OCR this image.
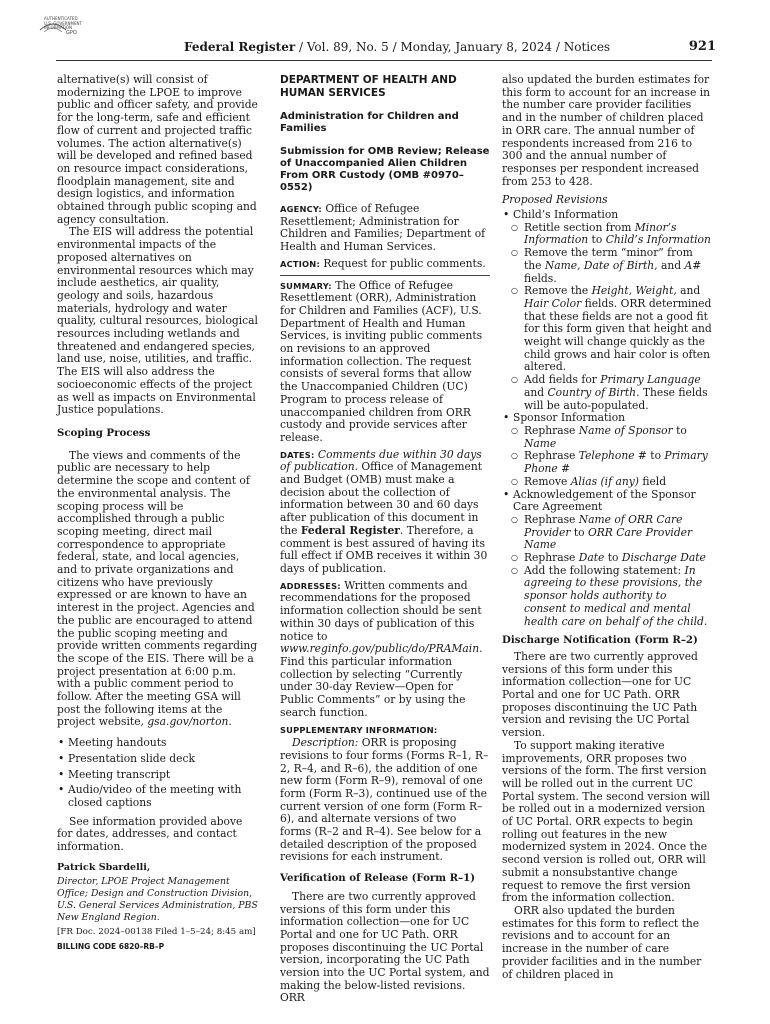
AUTHENTICATED
U.S. GOVERNMENT
INFORMATION
GPO
Federal Register / Vol. 89, No. 5 / Monday, January 8, 2024 / Notices	921

alternative(s) will consist of modernizing the LPOE to improve public and officer safety, and provide for the long-term, safe and efficient flow of current and projected traffic volumes. The action alternative(s) will be developed and refined based on resource impact considerations, floodplain management, site and design logistics, and information obtained through public scoping and agency consultation.

The EIS will address the potential environmental impacts of the proposed alternatives on environmental resources which may include aesthetics, air quality, geology and soils, hazardous materials, hydrology and water quality, cultural resources, biological resources including wetlands and threatened and endangered species, land use, noise, utilities, and traffic. The EIS will also address the socioeconomic effects of the project as well as impacts on Environmental Justice populations.

Scoping Process

The views and comments of the public are necessary to help determine the scope and content of the environmental analysis. The scoping process will be accomplished through a public scoping meeting, direct mail correspondence to appropriate federal, state, and local agencies, and to private organizations and citizens who have previously expressed or are known to have an interest in the project. Agencies and the public are encouraged to attend the public scoping meeting and provide written comments regarding the scope of the EIS. There will be a project presentation at 6:00 p.m. with a public comment period to follow. After the meeting GSA will post the following items at the project website, gsa.gov/norton.

• Meeting handouts
• Presentation slide deck
• Meeting transcript
• Audio/video of the meeting with closed captions

See information provided above for dates, addresses, and contact information.

Patrick Sbardelli,

Director, LPOE Project Management Office; Design and Construction Division, U.S. General Services Administration, PBS New England Region.

[FR Doc. 2024–00138 Filed 1–5–24; 8:45 am]

BILLING CODE 6820–RB–P

DEPARTMENT OF HEALTH AND HUMAN SERVICES

Administration for Children and Families

Submission for OMB Review; Release of Unaccompanied Alien Children From ORR Custody (OMB #0970–0552)

AGENCY: Office of Refugee Resettlement; Administration for Children and Families; Department of Health and Human Services.

ACTION: Request for public comments.

SUMMARY: The Office of Refugee Resettlement (ORR), Administration for Children and Families (ACF), U.S. Department of Health and Human Services, is inviting public comments on revisions to an approved information collection. The request consists of several forms that allow the Unaccompanied Children (UC) Program to process release of unaccompanied children from ORR custody and provide services after release.

DATES: Comments due within 30 days of publication. Office of Management and Budget (OMB) must make a decision about the collection of information between 30 and 60 days after publication of this document in the Federal Register. Therefore, a comment is best assured of having its full effect if OMB receives it within 30 days of publication.

ADDRESSES: Written comments and recommendations for the proposed information collection should be sent within 30 days of publication of this notice to www.reginfo.gov/public/do/PRAMain. Find this particular information collection by selecting “Currently under 30-day Review—Open for Public Comments” or by using the search function.

SUPPLEMENTARY INFORMATION:

Description: ORR is proposing revisions to four forms (Forms R–1, R–2, R–4, and R–6), the addition of one new form (Form R–9), removal of one form (Form R–3), continued use of the current version of one form (Form R–6), and alternate versions of two forms (R–2 and R–4). See below for a detailed description of the proposed revisions for each instrument.

Verification of Release (Form R–1)

There are two currently approved versions of this form under this information collection—one for UC Portal and one for UC Path. ORR proposes discontinuing the UC Portal version, incorporating the UC Path version into the UC Portal system, and making the below-listed revisions. ORR

also updated the burden estimates for this form to account for an increase in the number care provider facilities and in the number of children placed in ORR care. The annual number of respondents increased from 216 to 300 and the annual number of responses per respondent increased from 253 to 428.

Proposed Revisions

• Child’s Information
○ Retitle section from Minor’s Information to Child’s Information
○ Remove the term “minor” from the Name, Date of Birth, and A# fields.
○ Remove the Height, Weight, and Hair Color fields. ORR determined that these fields are not a good fit for this form given that height and weight will change quickly as the child grows and hair color is often altered.
○ Add fields for Primary Language and Country of Birth. These fields will be auto-populated.
• Sponsor Information
○ Rephrase Name of Sponsor to Name
○ Rephrase Telephone # to Primary Phone #
○ Remove Alias (if any) field
• Acknowledgement of the Sponsor Care Agreement
○ Rephrase Name of ORR Care Provider to ORR Care Provider Name
○ Rephrase Date to Discharge Date
○ Add the following statement: In agreeing to these provisions, the sponsor holds authority to consent to medical and mental health care on behalf of the child.

Discharge Notification (Form R–2)

There are two currently approved versions of this form under this information collection—one for UC Portal and one for UC Path. ORR proposes discontinuing the UC Path version and revising the UC Portal version.

To support making iterative improvements, ORR proposes two versions of the form. The first version will be rolled out in the current UC Portal system. The second version will be rolled out in a modernized version of UC Portal. ORR expects to begin rolling out features in the new modernized system in 2024. Once the second version is rolled out, ORR will submit a nonsubstantive change request to remove the first version from the information collection.

ORR also updated the burden estimates for this form to reflect the revisions and to account for an increase in the number of care provider facilities and in the number of children placed in
